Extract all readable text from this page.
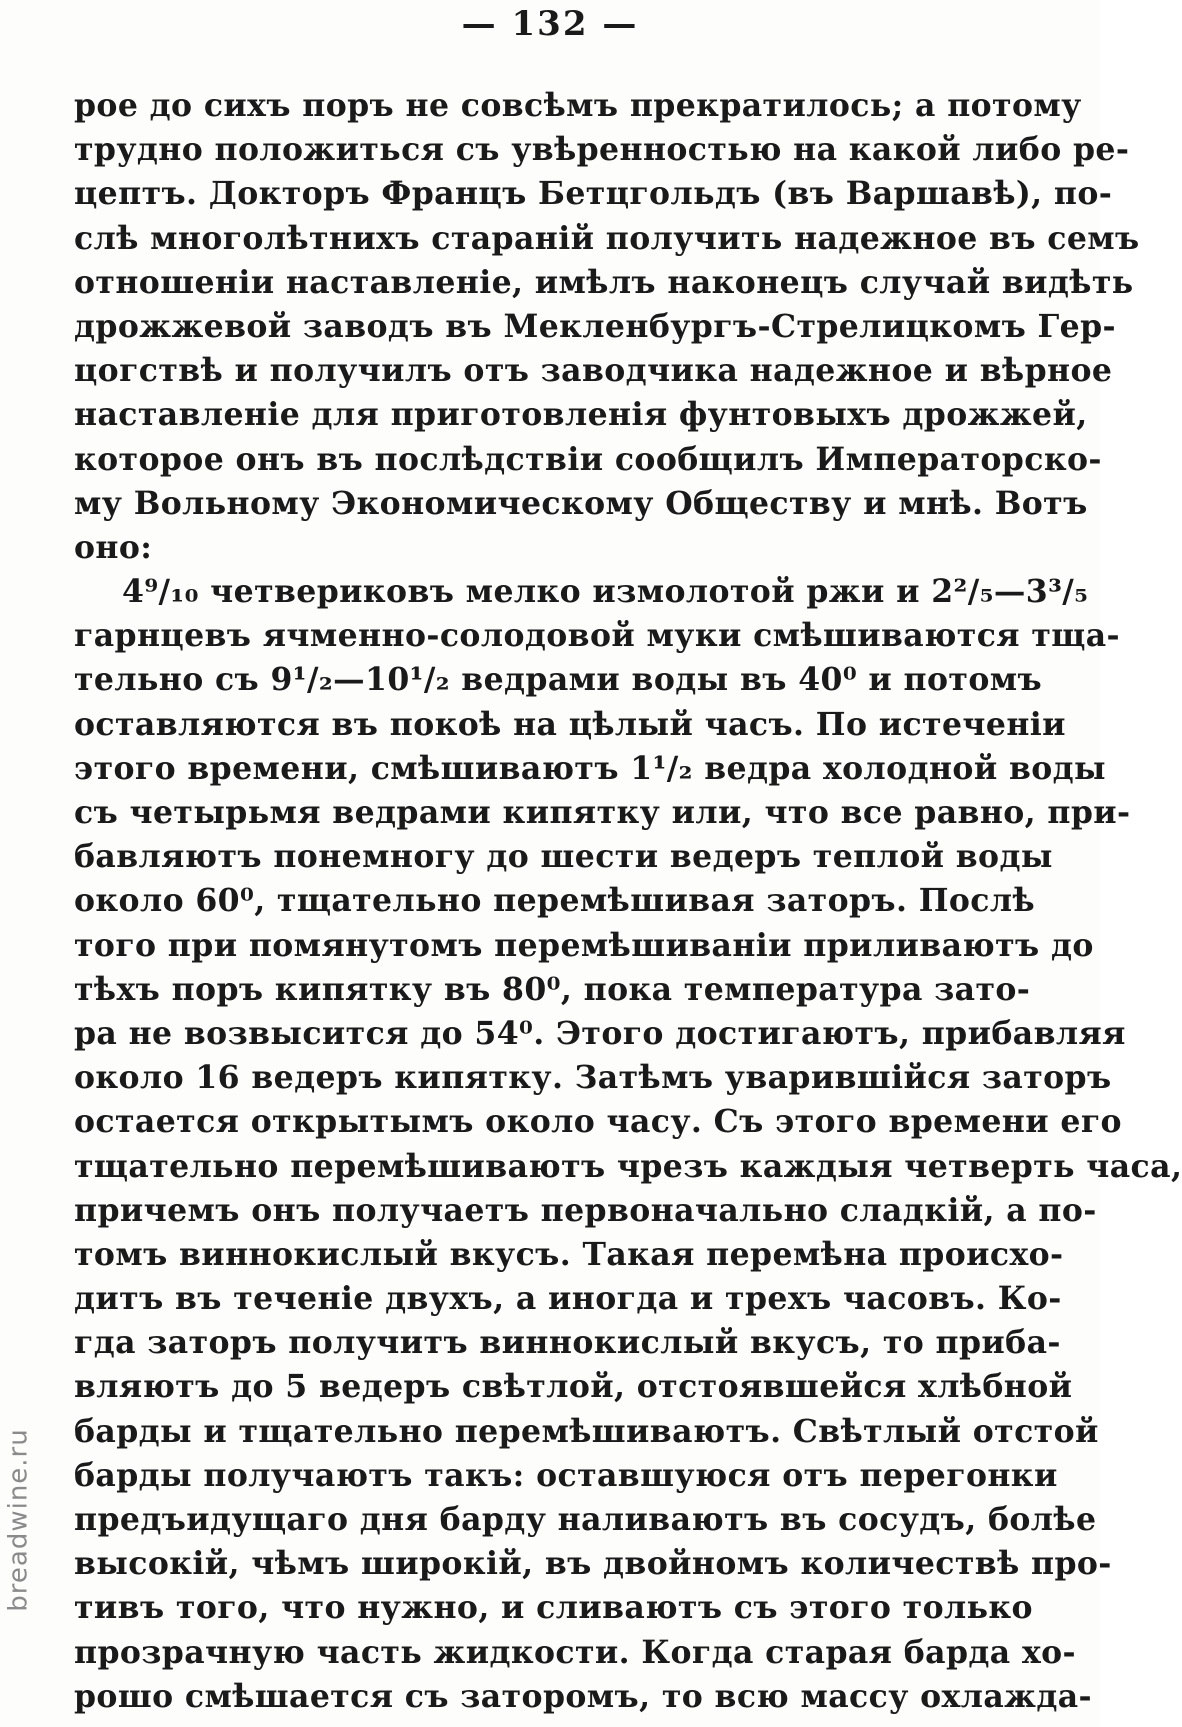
— 132 —
рое до сихъ поръ не совсѣмъ прекратилось; а потому
трудно положиться съ увѣренностью на какой либо ре-
цептъ. Докторъ Францъ Бетцгольдъ (въ Варшавѣ), по-
слѣ многолѣтнихъ стараній получить надежное въ семъ
отношеніи наставленіе, имѣлъ наконецъ случай видѣть
дрожжевой заводъ въ Мекленбургъ-Стрелицкомъ Гер-
цогствѣ и получилъ отъ заводчика надежное и вѣрное
наставленіе для приготовленія фунтовыхъ дрожжей,
которое онъ въ послѣдствіи сообщилъ Императорско-
му Вольному Экономическому Обществу и мнѣ. Вотъ
оно:
4⁹/₁₀ четвериковъ мелко измолотой ржи и 2²/₅—3³/₅
гарнцевъ ячменно-солодовой муки смѣшиваются тща-
тельно съ 9¹/₂—10¹/₂ ведрами воды въ 40⁰ и потомъ
оставляются въ покоѣ на цѣлый часъ. По истеченіи
этого времени, смѣшиваютъ 1¹/₂ ведра холодной воды
съ четырьмя ведрами кипятку или, что все равно, при-
бавляютъ понемногу до шести ведеръ теплой воды
около 60⁰, тщательно перемѣшивая заторъ. Послѣ
того при помянутомъ перемѣшиваніи приливаютъ до
тѣхъ поръ кипятку въ 80⁰, пока температура зато-
ра не возвысится до 54⁰. Этого достигаютъ, прибавляя
около 16 ведеръ кипятку. Затѣмъ уварившійся заторъ
остается открытымъ около часу. Съ этого времени его
тщательно перемѣшиваютъ чрезъ каждыя четверть часа,
причемъ онъ получаетъ первоначально сладкій, а по-
томъ виннокислый вкусъ. Такая перемѣна происхо-
дитъ въ теченіе двухъ, а иногда и трехъ часовъ. Ко-
гда заторъ получитъ виннокислый вкусъ, то приба-
вляютъ до 5 ведеръ свѣтлой, отстоявшейся хлѣбной
барды и тщательно перемѣшиваютъ. Свѣтлый отстой
барды получаютъ такъ: оставшуюся отъ перегонки
предъидущаго дня барду наливаютъ въ сосудъ, болѣе
высокій, чѣмъ широкій, въ двойномъ количествѣ про-
тивъ того, что нужно, и сливаютъ съ этого только
прозрачную часть жидкости. Когда старая барда хо-
рошо смѣшается съ заторомъ, то всю массу охлажда-
breadwine.ru
